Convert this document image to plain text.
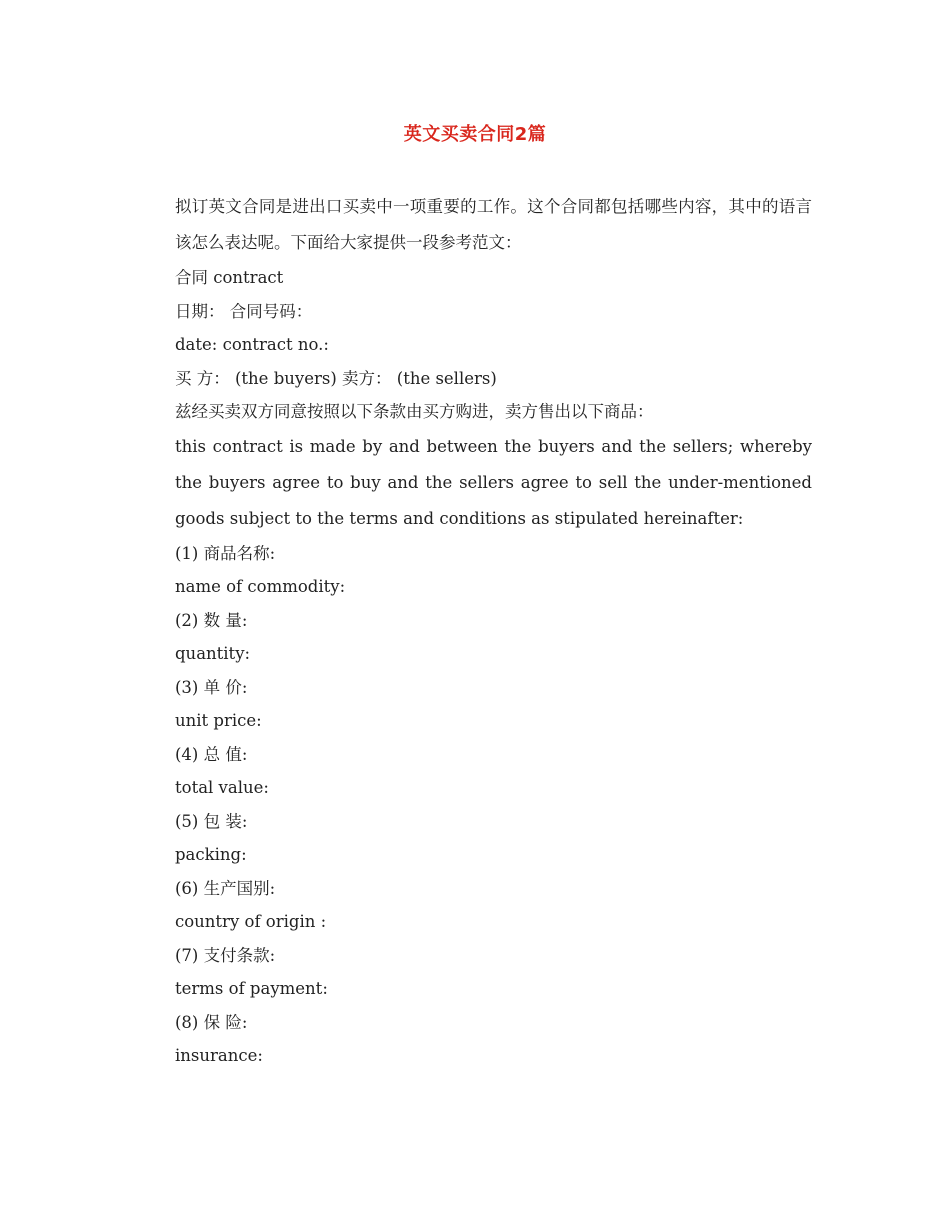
英文买卖合同2篇

拟订英文合同是进出口买卖中一项重要的工作。这个合同都包括哪些内容，其中的语言该怎么表达呢。下面给大家提供一段参考范文：

合同 contract

日期： 合同号码：

date: contract no.:

买 方： (the buyers) 卖方： (the sellers)

兹经买卖双方同意按照以下条款由买方购进，卖方售出以下商品：

this contract is made by and between the buyers and the sellers; whereby the buyers agree to buy and the sellers agree to sell the under-mentioned goods subject to the terms and conditions as stipulated hereinafter:

(1) 商品名称:

name of commodity:

(2) 数 量:

quantity:

(3) 单 价:

unit price:

(4) 总 值:

total value:

(5) 包 装:

packing:

(6) 生产国别:

country of origin :

(7) 支付条款:

terms of payment:

(8) 保 险:

insurance:
